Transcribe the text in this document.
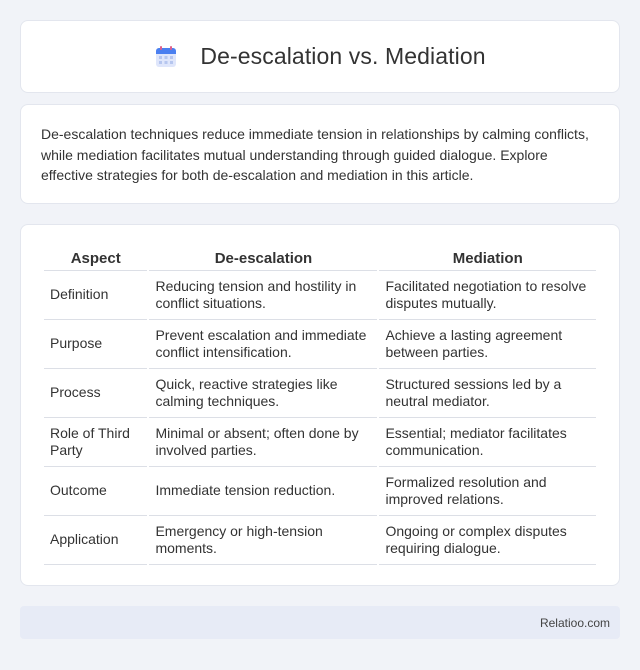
De-escalation vs. Mediation

De-escalation techniques reduce immediate tension in relationships by calming conflicts, while mediation facilitates mutual understanding through guided dialogue. Explore effective strategies for both de-escalation and mediation in this article.

Aspect	De-escalation	Mediation
Definition	Reducing tension and hostility in conflict situations.	Facilitated negotiation to resolve disputes mutually.
Purpose	Prevent escalation and immediate conflict intensification.	Achieve a lasting agreement between parties.
Process	Quick, reactive strategies like calming techniques.	Structured sessions led by a neutral mediator.
Role of Third Party	Minimal or absent; often done by involved parties.	Essential; mediator facilitates communication.
Outcome	Immediate tension reduction.	Formalized resolution and improved relations.
Application	Emergency or high-tension moments.	Ongoing or complex disputes requiring dialogue.
Relatioo.com
